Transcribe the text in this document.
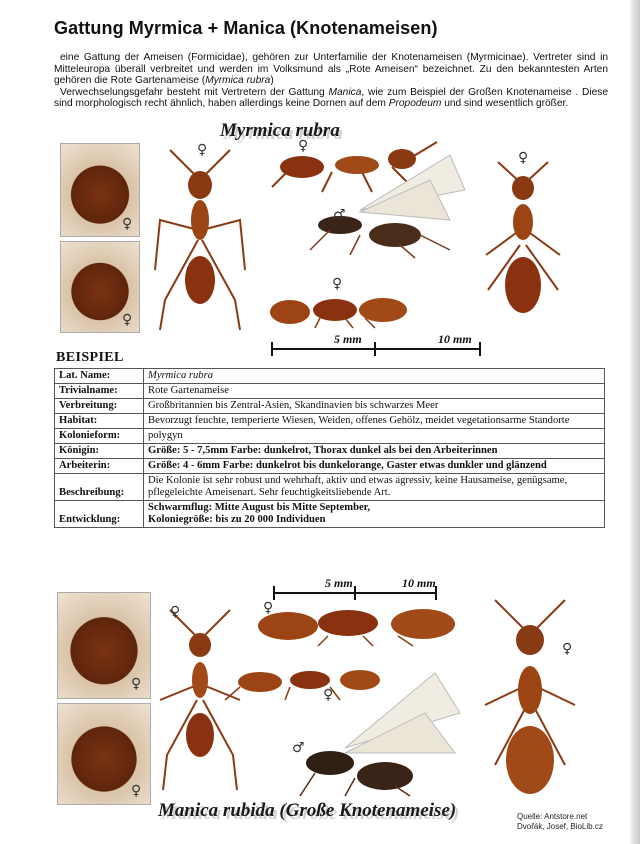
Gattung Myrmica + Manica (Knotenameisen)

eine Gattung der Ameisen (Formicidae), gehören zur Unterfamilie der Knotenameisen (Myrmicinae). Vertreter sind in Mitteleuropa überall verbreitet und werden im Volksmund als „Rote Ameisen“ bezeichnet. Zu den bekanntesten Arten gehören die Rote Gartenameise (Myrmica rubra)

Verwechselungsgefahr besteht mit Vertretern der Gattung Manica, wie zum Beispiel der Großen Knotenameise . Diese sind morphologisch recht ähnlich, haben allerdings keine Dornen auf dem Propodeum und sind wesentlich größer.

Myrmica rubra
♀
♀
♀	♀
♂
♀
♀
5 mm	10 mm
BEISPIEL
Lat. Name:	Myrmica rubra
Trivialname:	Rote Gartenameise
Verbreitung:	Großbritannien bis Zentral-Asien, Skandinavien bis schwarzes Meer
Habitat:	Bevorzugt feuchte, temperierte Wiesen, Weiden, offenes Gehölz, meidet vegetationsarme Standorte
Kolonieform:	polygyn
Königin:	Größe: 5 - 7,5mm Farbe: dunkelrot, Thorax dunkel als bei den Arbeiterinnen
Arbeiterin:	Größe: 4 - 6mm Farbe: dunkelrot bis dunkelorange, Gaster etwas dunkler und glänzend
Beschreibung:	Die Kolonie ist sehr robust und wehrhaft, aktiv und etwas agressiv, keine Hausameise, genügsame, pflegeleichte Ameisenart. Sehr feuchtigkeitsliebende Art.
Entwicklung:	Schwarmflug: Mitte August bis Mitte September,
Koloniegröße: bis zu 20 000 Individuen
5 mm	10 mm
♀
♀
♀	♀
♀
♂
♀
Manica rubida (Große Knotenameise)	Quelle: Antstore.net
Dvořák, Josef, BioLib.cz
